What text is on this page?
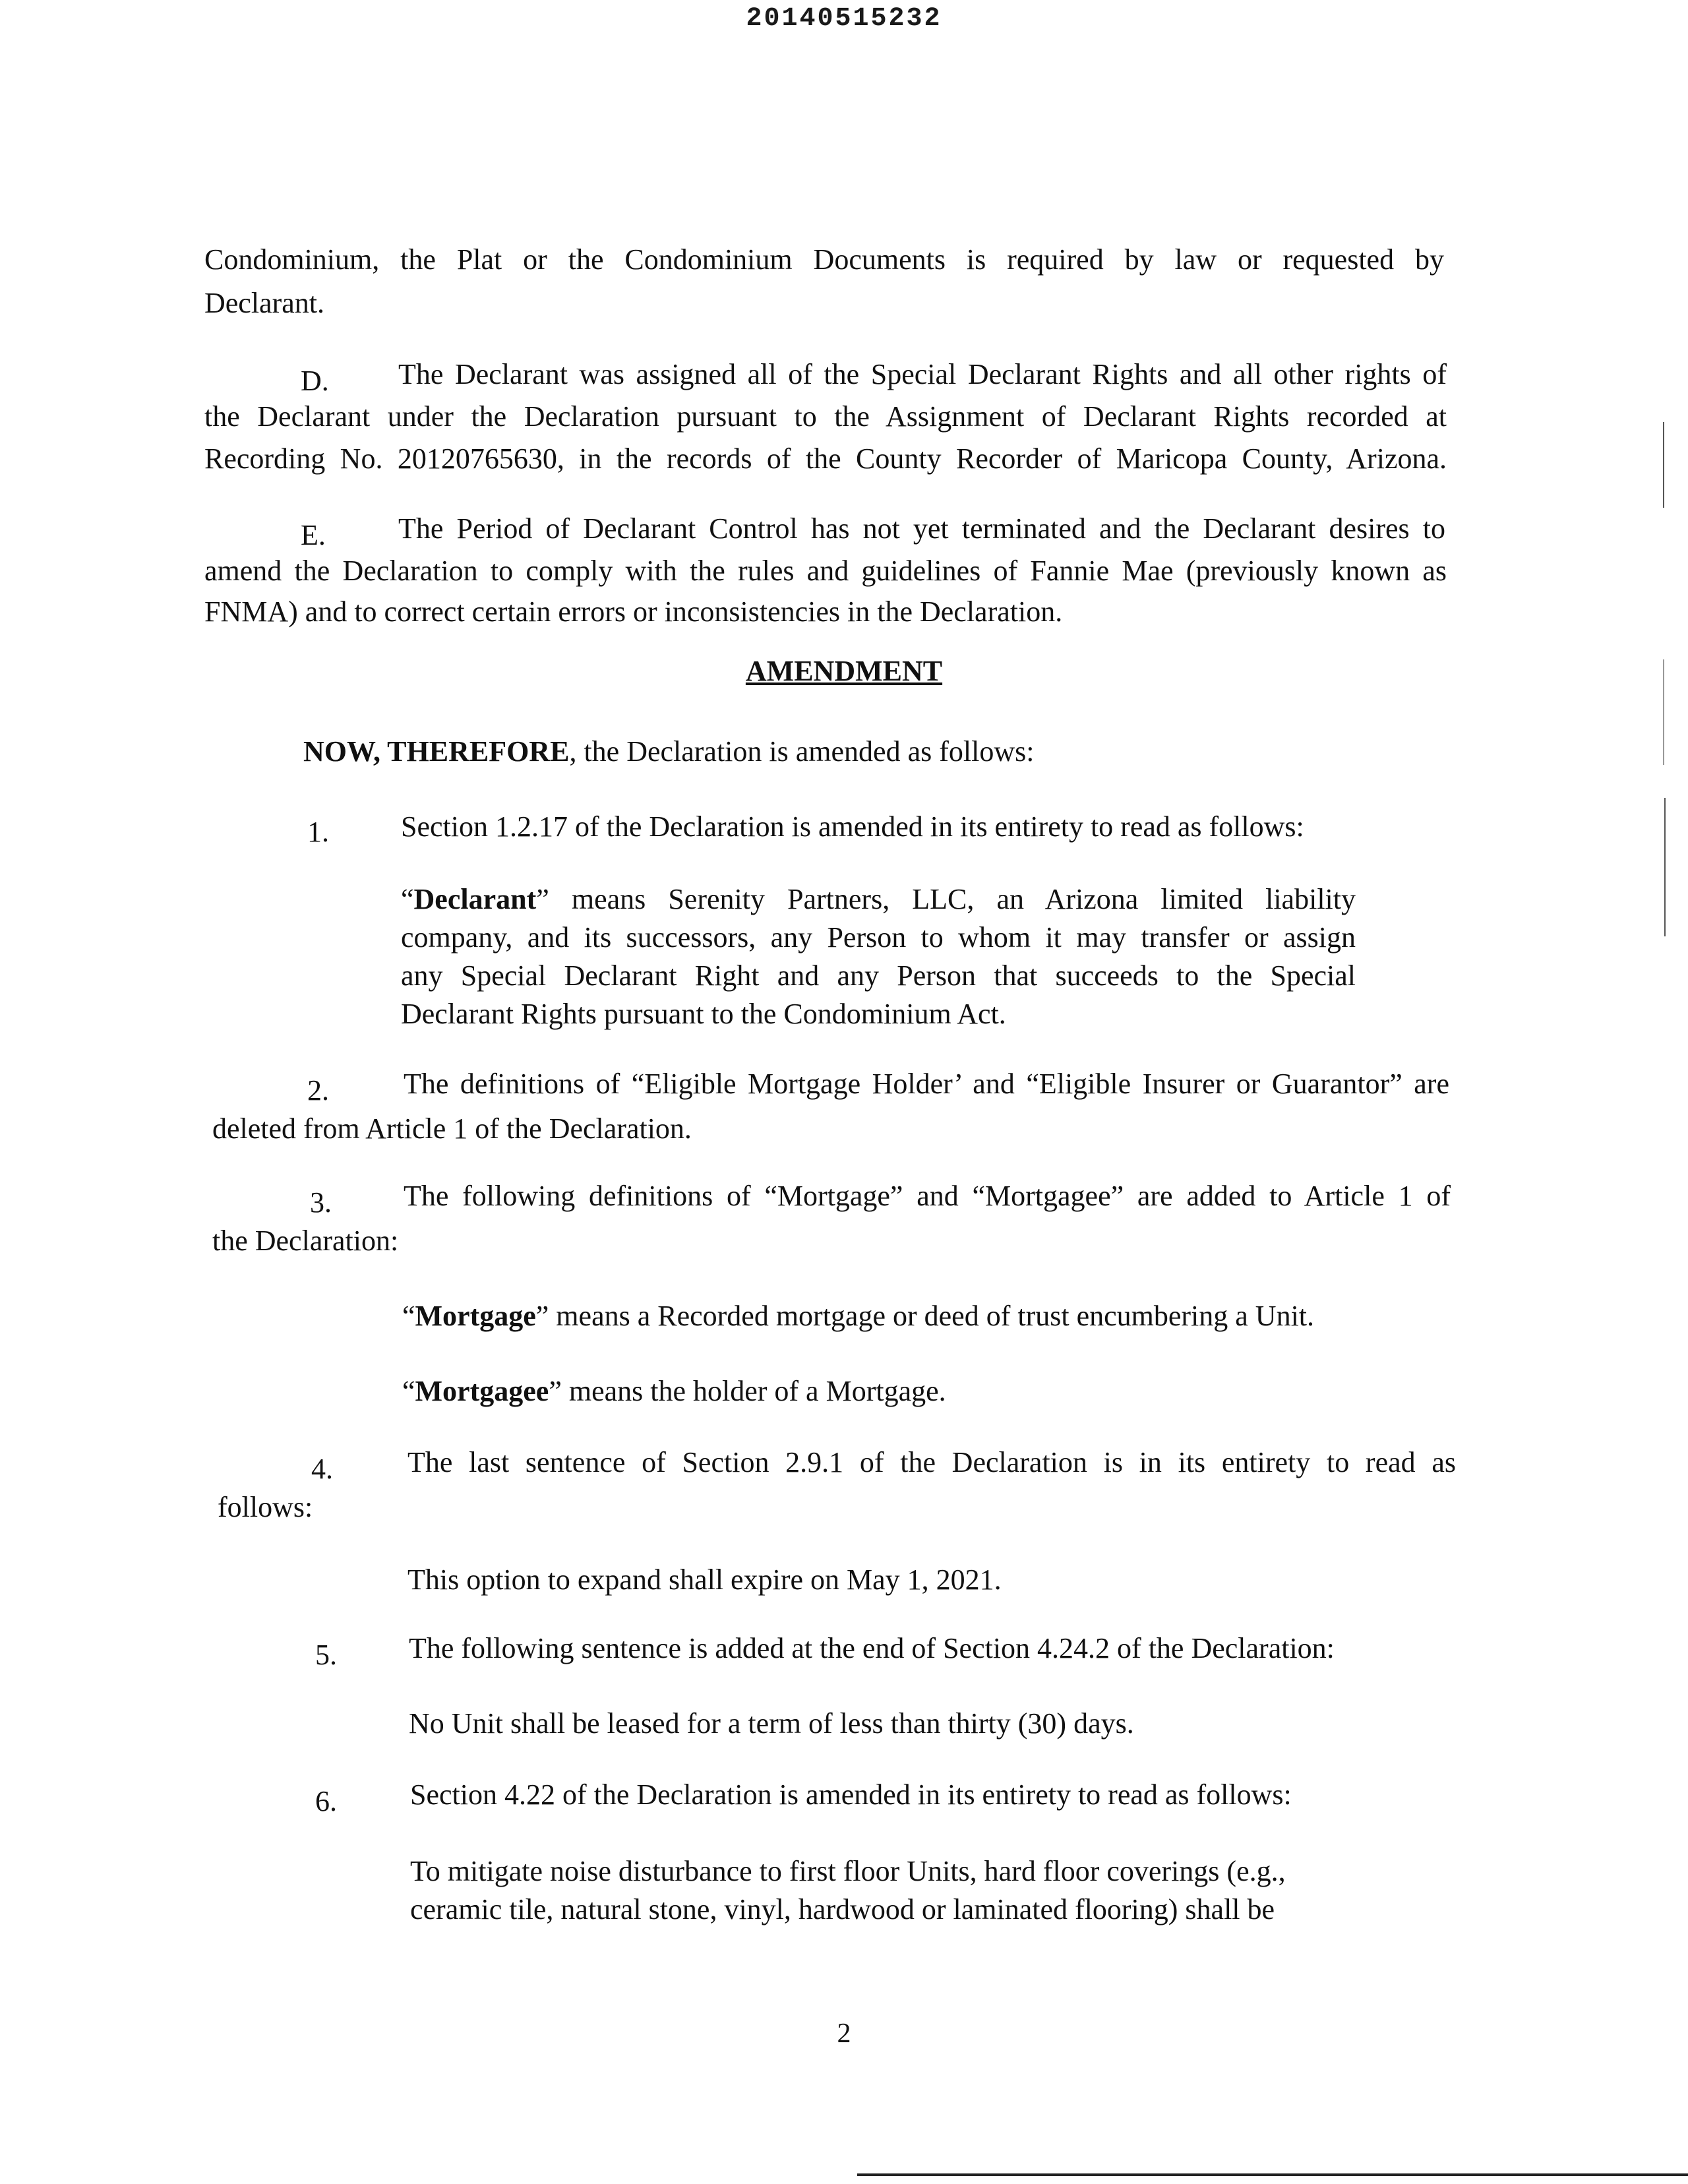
20140515232
Condominium, the Plat or the Condominium Documents is required by law or requested by
Declarant.
D. The Declarant was assigned all of the Special Declarant Rights and all other rights of
the Declarant under the Declaration pursuant to the Assignment of Declarant Rights recorded at
Recording No. 20120765630, in the records of the County Recorder of Maricopa County, Arizona.
E.	The Period of Declarant Control has not yet terminated and the Declarant desires to
amend the Declaration to comply with the rules and guidelines of Fannie Mae (previously known as
FNMA) and to correct certain errors or inconsistencies in the Declaration.
AMENDMENT
NOW, THEREFORE, the Declaration is amended as follows:
1. Section 1.2.17 of the Declaration is amended in its entirety to read as follows:
“Declarant” means Serenity Partners, LLC, an Arizona limited liability
company, and its successors, any Person to whom it may transfer or assign
any Special Declarant Right and any Person that succeeds to the Special
Declarant Rights pursuant to the Condominium Act.
2.	The definitions of “Eligible Mortgage Holder’ and “Eligible Insurer or Guarantor” are
deleted from Article 1 of the Declaration.
3. The following definitions of “Mortgage” and “Mortgagee” are added to Article 1 of
the Declaration:
“Mortgage” means a Recorded mortgage or deed of trust encumbering a Unit.
“Mortgagee” means the holder of a Mortgage.
4.	The last sentence of Section 2.9.1 of the Declaration is in its entirety to read as
follows:
This option to expand shall expire on May 1, 2021.
5. The following sentence is added at the end of Section 4.24.2 of the Declaration:
No Unit shall be leased for a term of less than thirty (30) days.
6.	Section 4.22 of the Declaration is amended in its entirety to read as follows:
To mitigate noise disturbance to first floor Units, hard floor coverings (e.g.,
ceramic tile, natural stone, vinyl, hardwood or laminated flooring) shall be
2
